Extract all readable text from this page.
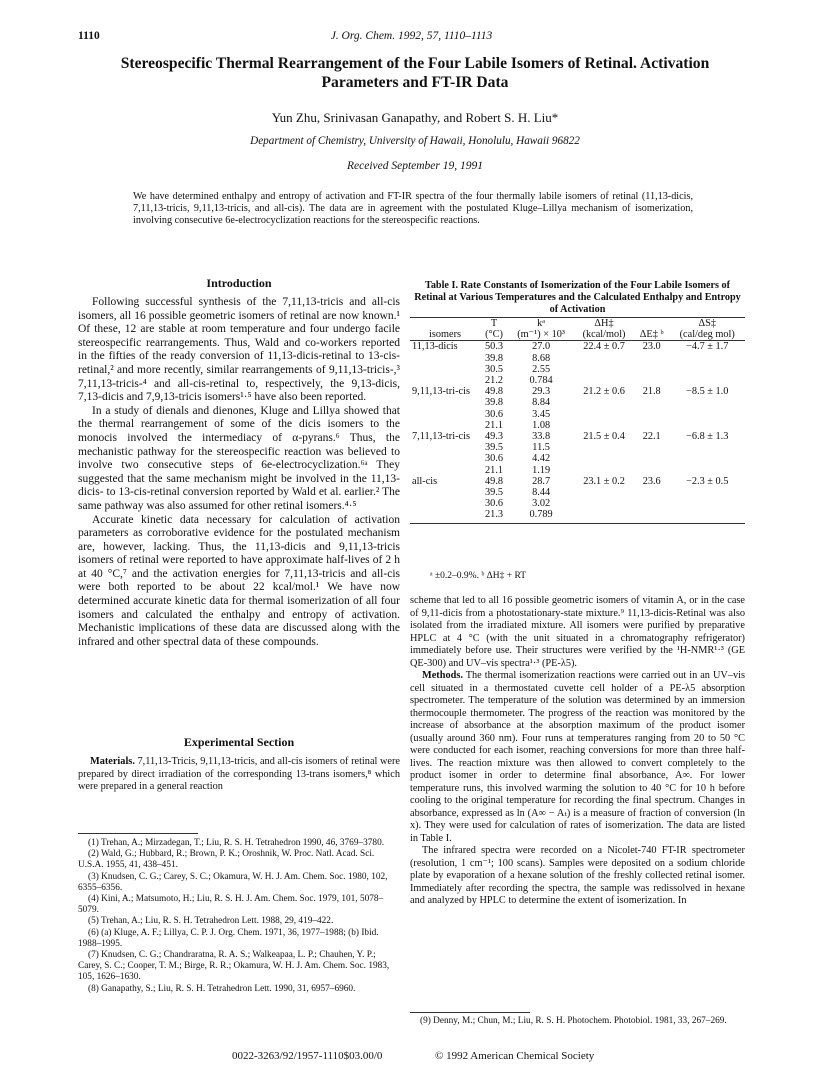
1110	J. Org. Chem. 1992, 57, 1110–1113
Stereospecific Thermal Rearrangement of the Four Labile Isomers of Retinal. Activation Parameters and FT-IR Data
Yun Zhu, Srinivasan Ganapathy, and Robert S. H. Liu*
Department of Chemistry, University of Hawaii, Honolulu, Hawaii 96822
Received September 19, 1991
We have determined enthalpy and entropy of activation and FT-IR spectra of the four thermally labile isomers of retinal (11,13-dicis, 7,11,13-tricis, 9,11,13-tricis, and all-cis). The data are in agreement with the postulated Kluge–Lillya mechanism of isomerization, involving consecutive 6e-electrocyclization reactions for the stereospecific reactions.
Introduction

Following successful synthesis of the 7,11,13-tricis and all-cis isomers, all 16 possible geometric isomers of retinal are now known.¹ Of these, 12 are stable at room temperature and four undergo facile stereospecific rearrangements. Thus, Wald and co-workers reported in the fifties of the ready conversion of 11,13-dicis-retinal to 13-cis-retinal,² and more recently, similar rearrangements of 9,11,13-tricis-,³ 7,11,13-tricis-⁴ and all-cis-retinal to, respectively, the 9,13-dicis, 7,13-dicis and 7,9,13-tricis isomers¹·⁵ have also been reported.

In a study of dienals and dienones, Kluge and Lillya showed that the thermal rearrangement of some of the dicis isomers to the monocis involved the intermediacy of α-pyrans.⁶ Thus, the mechanistic pathway for the stereospecific reaction was believed to involve two consecutive steps of 6e-electrocyclization.⁶ᵃ They suggested that the same mechanism might be involved in the 11,13-dicis- to 13-cis-retinal conversion reported by Wald et al. earlier.² The same pathway was also assumed for other retinal isomers.⁴·⁵

Accurate kinetic data necessary for calculation of activation parameters as corroborative evidence for the postulated mechanism are, however, lacking. Thus, the 11,13-dicis and 9,11,13-tricis isomers of retinal were reported to have approximate half-lives of 2 h at 40 °C,⁷ and the activation energies for 7,11,13-tricis and all-cis were both reported to be about 22 kcal/mol.¹ We have now determined accurate kinetic data for thermal isomerization of all four isomers and calculated the enthalpy and entropy of activation. Mechanistic implications of these data are discussed along with the infrared and other spectral data of these compounds.

Experimental Section

Materials. 7,11,13-Tricis, 9,11,13-tricis, and all-cis isomers of retinal were prepared by direct irradiation of the corresponding 13-trans isomers,⁸ which were prepared in a general reaction

(1) Trehan, A.; Mirzadegan, T.; Liu, R. S. H. Tetrahedron 1990, 46, 3769–3780.

(2) Wald, G.; Hubbard, R.; Brown, P. K.; Oroshnik, W. Proc. Natl. Acad. Sci. U.S.A. 1955, 41, 438–451.

(3) Knudsen, C. G.; Carey, S. C.; Okamura, W. H. J. Am. Chem. Soc. 1980, 102, 6355–6356.

(4) Kini, A.; Matsumoto, H.; Liu, R. S. H. J. Am. Chem. Soc. 1979, 101, 5078–5079.

(5) Trehan, A.; Liu, R. S. H. Tetrahedron Lett. 1988, 29, 419–422.

(6) (a) Kluge, A. F.; Lillya, C. P. J. Org. Chem. 1971, 36, 1977–1988; (b) Ibid. 1988–1995.

(7) Knudsen, C. G.; Chandraratna, R. A. S.; Walkeapaa, L. P.; Chauhen, Y. P.; Carey, S. C.; Cooper, T. M.; Birge, R. R.; Okamura, W. H. J. Am. Chem. Soc. 1983, 105, 1626–1630.

(8) Ganapathy, S.; Liu, R. S. H. Tetrahedron Lett. 1990, 31, 6957–6960.

Table I. Rate Constants of Isomerization of the Four Labile Isomers of Retinal at Various Temperatures and the Calculated Enthalpy and Entropy of Activation
	T	kᵃ	ΔH‡		ΔS‡
isomers	(°C)	(m⁻¹) × 10³	(kcal/mol)	ΔE‡ ᵇ	(cal/deg mol)
11,13-dicis	50.3	27.0	22.4 ± 0.7	23.0	−4.7 ± 1.7
	39.8	8.68			
	30.5	2.55			
	21.2	0.784			
9,11,13-tri-cis	49.8	29.3	21.2 ± 0.6	21.8	−8.5 ± 1.0
	39.8	8.84			
	30.6	3.45			
	21.1	1.08			
7,11,13-tri-cis	49.3	33.8	21.5 ± 0.4	22.1	−6.8 ± 1.3
	39.5	11.5			
	30.6	4.42			
	21.1	1.19			
all-cis	49.8	28.7	23.1 ± 0.2	23.6	−2.3 ± 0.5
	39.5	8.44			
	30.6	3.02			
	21.3	0.789			
ᵃ ±0.2–0.9%. ᵇ ΔH‡ + RT

scheme that led to all 16 possible geometric isomers of vitamin A, or in the case of 9,11-dicis from a photostationary-state mixture.⁹ 11,13-dicis-Retinal was also isolated from the irradiated mixture. All isomers were purified by preparative HPLC at 4 °C (with the unit situated in a chromatography refrigerator) immediately before use. Their structures were verified by the ¹H-NMR¹·³ (GE QE-300) and UV–vis spectra¹·³ (PE-λ5).

Methods. The thermal isomerization reactions were carried out in an UV–vis cell situated in a thermostated cuvette cell holder of a PE-λ5 absorption spectrometer. The temperature of the solution was determined by an immersion thermocouple thermometer. The progress of the reaction was monitored by the increase of absorbance at the absorption maximum of the product isomer (usually around 360 nm). Four runs at temperatures ranging from 20 to 50 °C were conducted for each isomer, reaching conversions for more than three half-lives. The reaction mixture was then allowed to convert completely to the product isomer in order to determine final absorbance, A∞. For lower temperature runs, this involved warming the solution to 40 °C for 10 h before cooling to the original temperature for recording the final spectrum. Changes in absorbance, expressed as ln (A∞ − Aₜ) is a measure of fraction of conversion (ln x). They were used for calculation of rates of isomerization. The data are listed in Table I.

The infrared spectra were recorded on a Nicolet-740 FT-IR spectrometer (resolution, 1 cm⁻¹; 100 scans). Samples were deposited on a sodium chloride plate by evaporation of a hexane solution of the freshly collected retinal isomer. Immediately after recording the spectra, the sample was redissolved in hexane and analyzed by HPLC to determine the extent of isomerization. In

(9) Denny, M.; Chun, M.; Liu, R. S. H. Photochem. Photobiol. 1981, 33, 267–269.

0022-3263/92/1957-1110$03.00/0	© 1992 American Chemical Society
